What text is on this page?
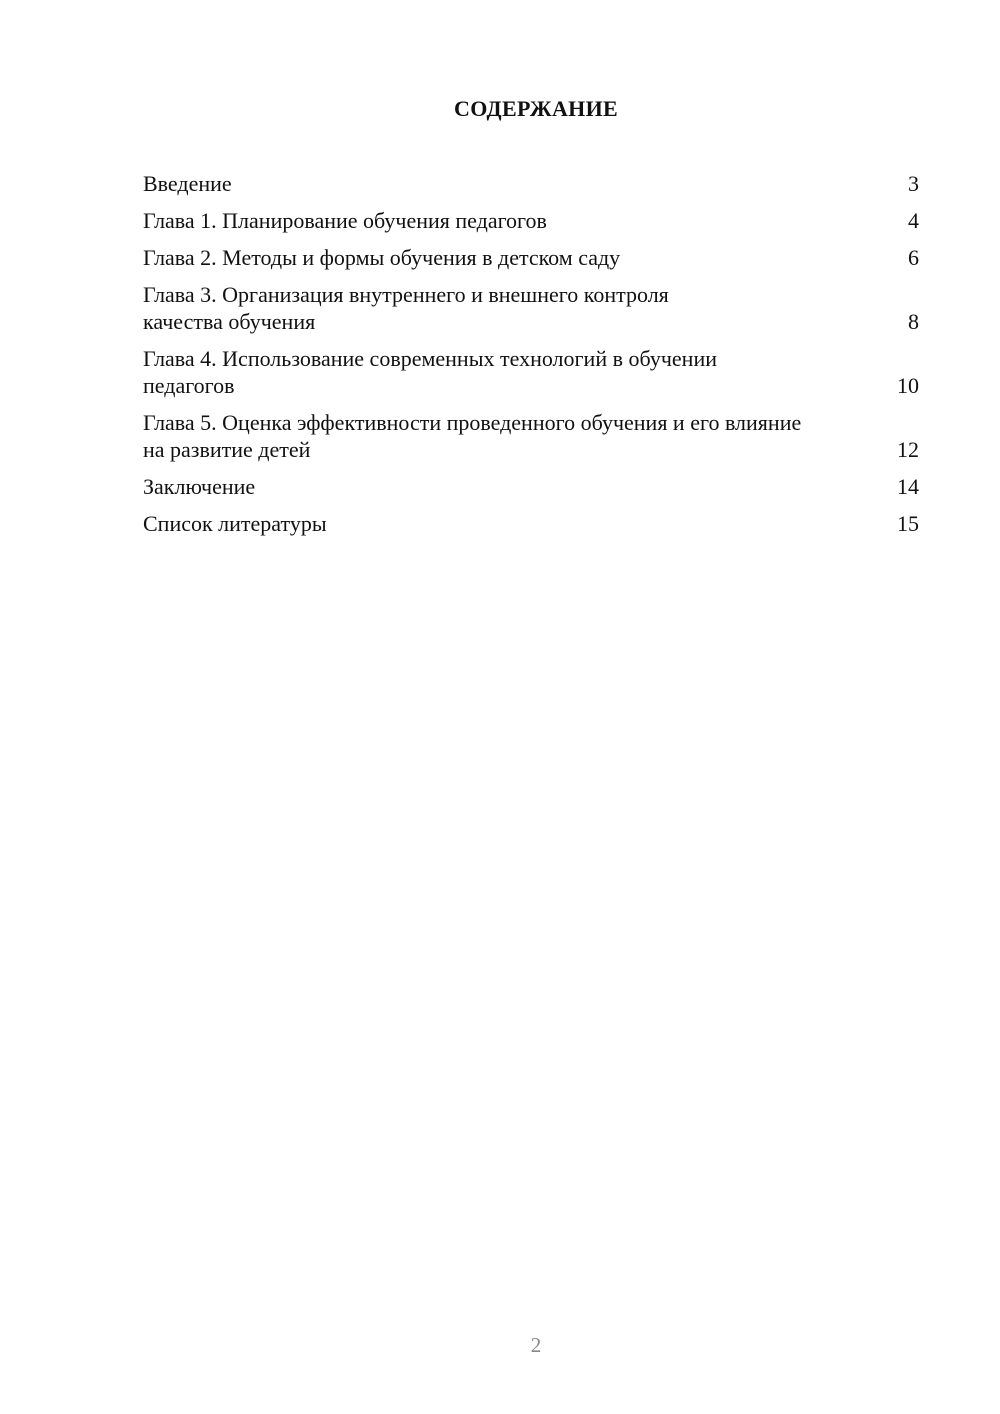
СОДЕРЖАНИЕ
Введение	3
Глава 1. Планирование обучения педагогов	4
Глава 2. Методы и формы обучения в детском саду	6
Глава 3. Организация внутреннего и внешнего контроля качества обучения	8
Глава 4. Использование современных технологий в обучении педагогов	10
Глава 5. Оценка эффективности проведенного обучения и его влияние на развитие детей	12
Заключение	14
Список литературы	15
2
